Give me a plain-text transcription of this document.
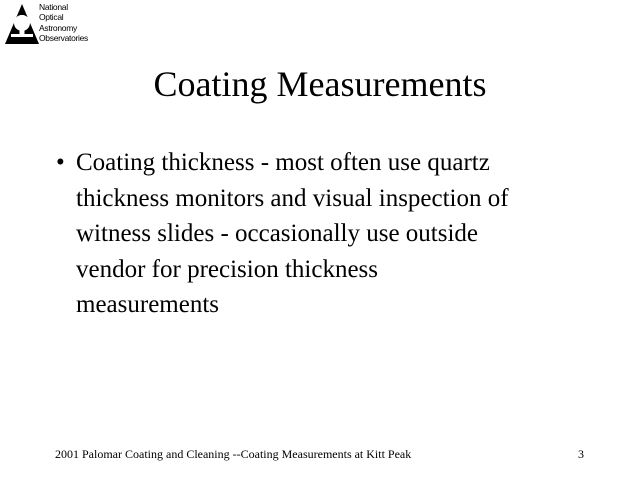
National
Optical
Astronomy
Observatories
Coating Measurements
• Coating thickness - most often use quartz
thickness monitors and visual inspection of
witness slides - occasionally use outside
vendor for precision thickness
measurements
2001 Palomar Coating and Cleaning --Coating Measurements at Kitt Peak	3
